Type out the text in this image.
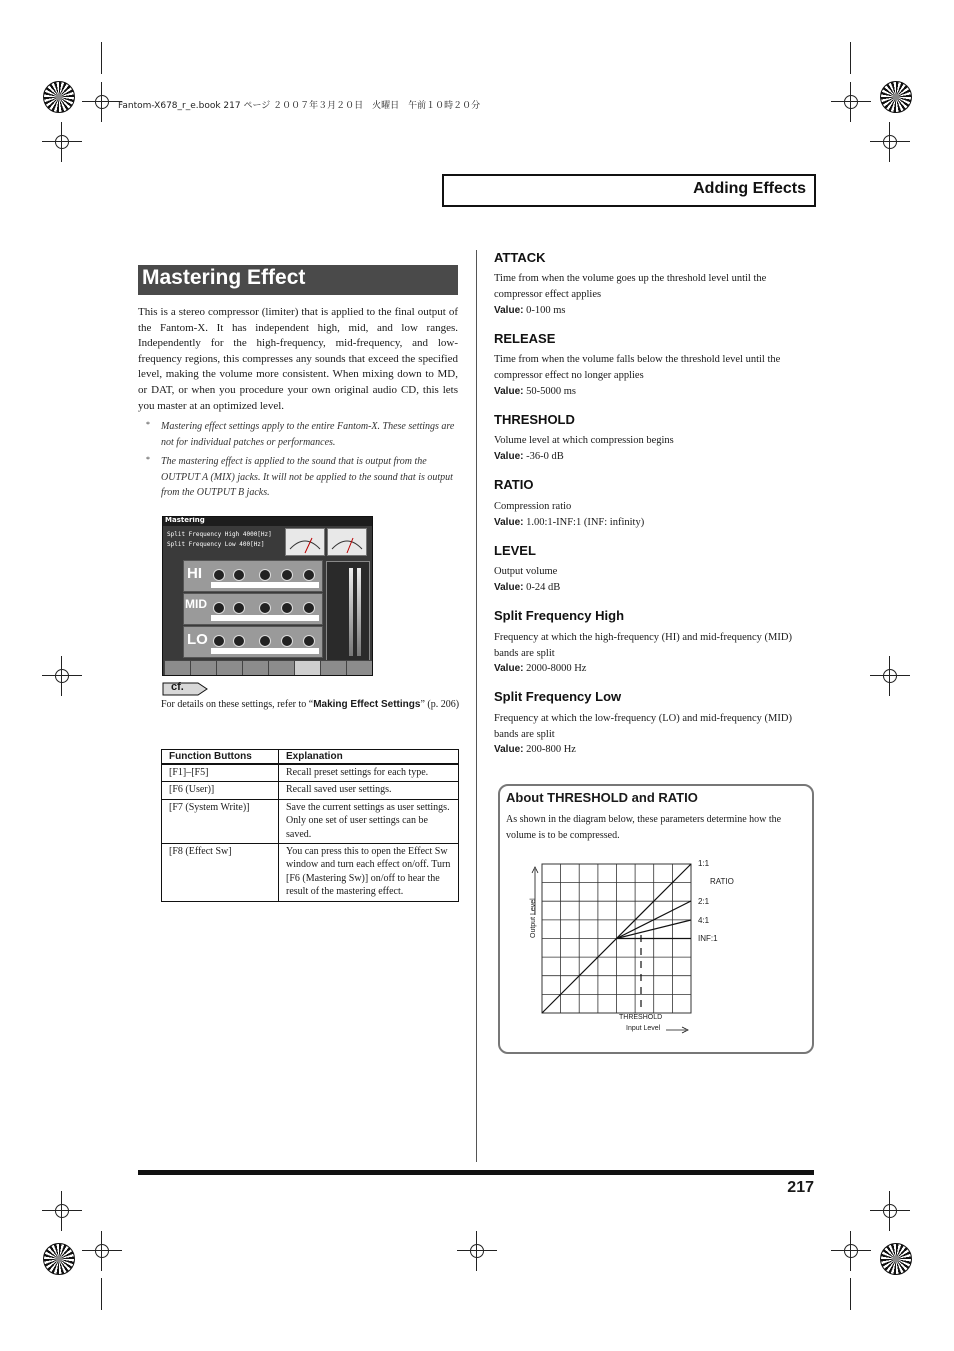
Fantom-X678_r_e.book 217 ページ ２００７年３月２０日　火曜日　午前１０時２０分
Adding Effects
Mastering Effect
This is a stereo compressor (limiter) that is applied to the final output of the Fantom-X. It has independent high, mid, and low ranges. Independently for the high-frequency, mid-frequency, and low-frequency regions, this compresses any sounds that exceed the specified level, making the volume more consistent. When mixing down to MD, or DAT, or when you procedure your own original audio CD, this lets you master at an optimized level.
* Mastering effect settings apply to the entire Fantom-X. These settings are not for individual patches or performances.
* The mastering effect is applied to the sound that is output from the OUTPUT A (MIX) jacks. It will not be applied to the sound that is output from the OUTPUT B jacks.
Mastering
Split Frequency High 4000[Hz]
Split Frequency Low 400[Hz]
HI
MID
LO
cf.
For details on these settings, refer to “Making Effect Settings” (p. 206)
Function Buttons	Explanation
[F1]–[F5]	Recall preset settings for each type.
[F6 (User)]	Recall saved user settings.
[F7 (System Write)]	Save the current settings as user settings. Only one set of user settings can be saved.
[F8 (Effect Sw]	You can press this to open the Effect Sw window and turn each effect on/off. Turn [F6 (Mastering Sw)] on/off to hear the result of the mastering effect.
ATTACK
Time from when the volume goes up the threshold level until the compressor effect applies
Value: 0-100 ms
RELEASE
Time from when the volume falls below the threshold level until the compressor effect no longer applies
Value: 50-5000 ms
THRESHOLD
Volume level at which compression begins
Value: -36-0 dB
RATIO
Compression ratio
Value: 1.00:1-INF:1 (INF: infinity)
LEVEL
Output volume
Value: 0-24 dB
Split Frequency High
Frequency at which the high-frequency (HI) and mid-frequency (MID) bands are split
Value: 2000-8000 Hz
Split Frequency Low
Frequency at which the low-frequency (LO) and mid-frequency (MID) bands are split
Value: 200-800 Hz
About THRESHOLD and RATIO
As shown in the diagram below, these parameters determine how the volume is to be compressed.
Output Level
Input Level
THRESHOLD
RATIO
1:1
2:1
4:1
INF:1
217
